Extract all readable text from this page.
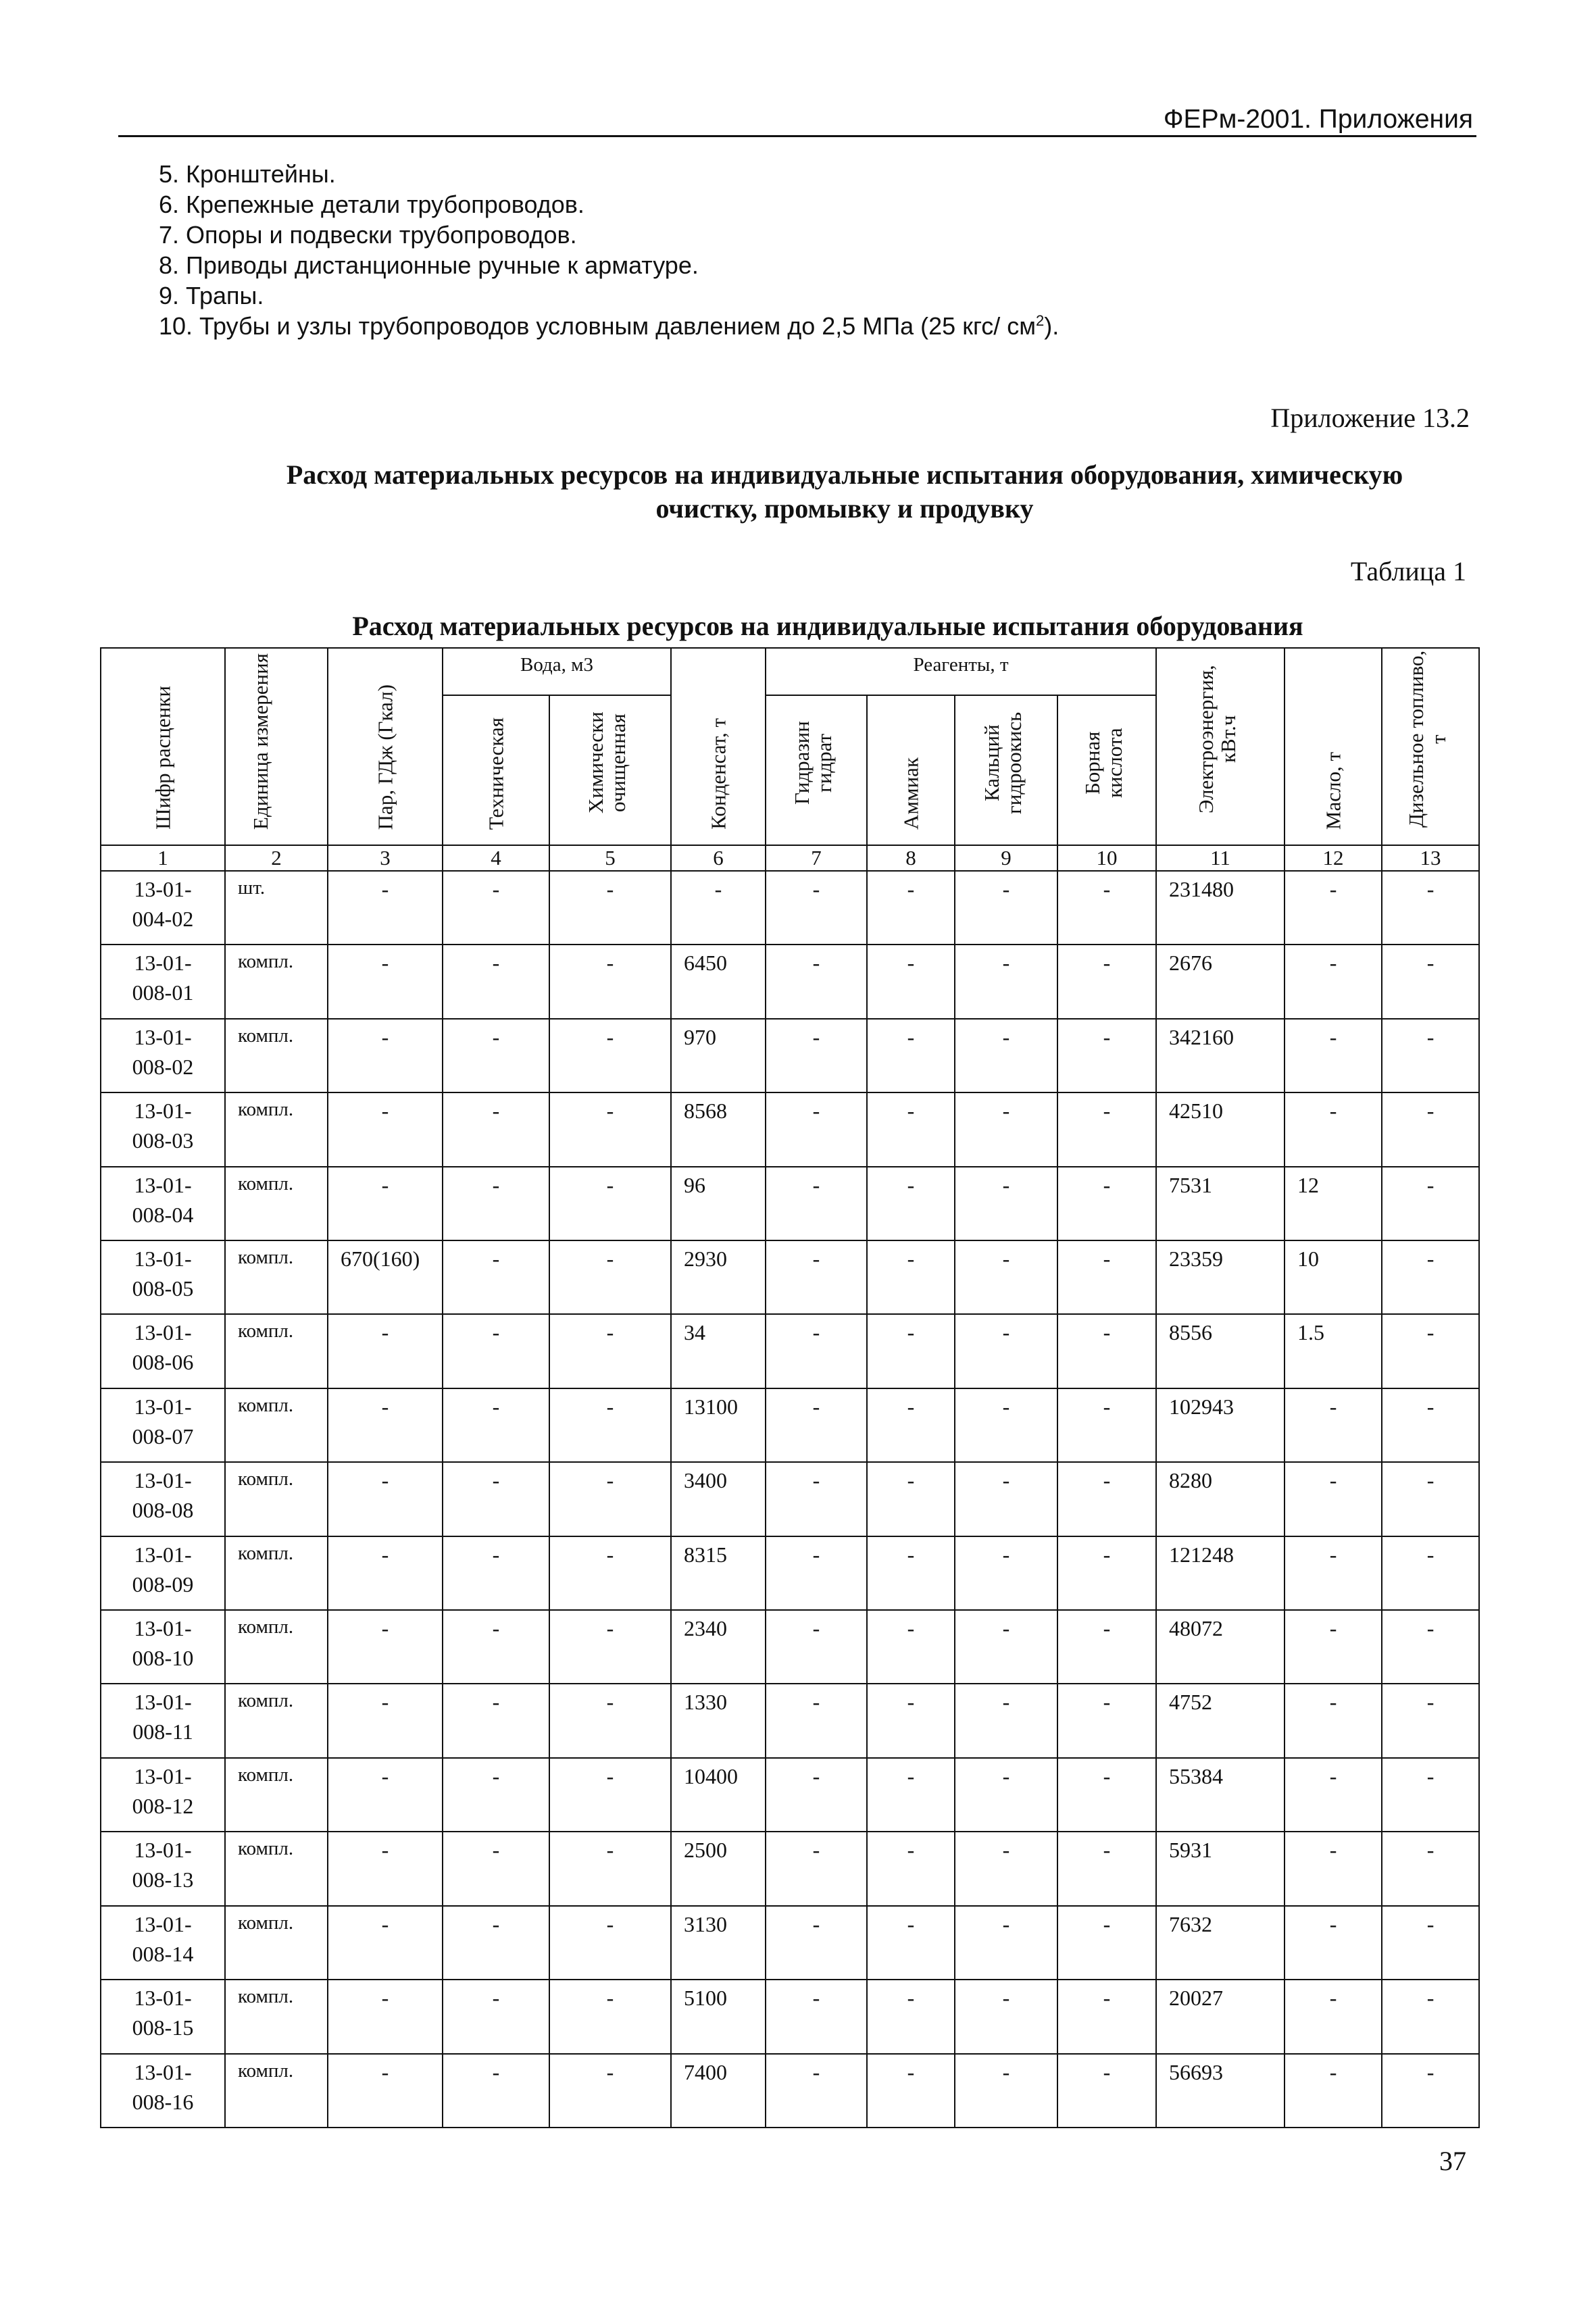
ФЕРм-2001. Приложения
5. Кронштейны.
6. Крепежные детали трубопроводов.
7. Опоры и подвески трубопроводов.
8. Приводы дистанционные ручные к арматуре.
9. Трапы.
10. Трубы и узлы трубопроводов условным давлением до 2,5 МПа (25 кгс/ $см^2$).
Приложение 13.2
Расход материальных ресурсов на индивидуальные испытания оборудования, химическую
очистку, промывку и продувку
Таблица 1
Расход материальных ресурсов на индивидуальные испытания оборудования
Шифр расценки	Единица измерения	Пар, ГДж (Гкал)	Вода, м3		Конденсат, т	Реагенты, т				Электроэнергия, кВт.ч	Масло, т	Дизельное топливо, т

			Техническая	Химически очищенная		Гидразин гидрат	Аммиак	Кальций гидроокись	Борная кислота			

1	2	3	4	5	6	7	8	9	10	11	12	13

13-01-
004-02	шт.	-	-	-	-	-	-	-	-	231480	-	-

13-01-
008-01	компл.	-	-	-	6450	-	-	-	-	2676	-	-

13-01-
008-02	компл.	-	-	-	970	-	-	-	-	342160	-	-

13-01-
008-03	компл.	-	-	-	8568	-	-	-	-	42510	-	-

13-01-
008-04	компл.	-	-	-	96	-	-	-	-	7531	12	-

13-01-
008-05	компл.	670(160)	-	-	2930	-	-	-	-	23359	10	-

13-01-
008-06	компл.	-	-	-	34	-	-	-	-	8556	1.5	-

13-01-
008-07	компл.	-	-	-	13100	-	-	-	-	102943	-	-

13-01-
008-08	компл.	-	-	-	3400	-	-	-	-	8280	-	-

13-01-
008-09	компл.	-	-	-	8315	-	-	-	-	121248	-	-

13-01-
008-10	компл.	-	-	-	2340	-	-	-	-	48072	-	-

13-01-
008-11	компл.	-	-	-	1330	-	-	-	-	4752	-	-

13-01-
008-12	компл.	-	-	-	10400	-	-	-	-	55384	-	-

13-01-
008-13	компл.	-	-	-	2500	-	-	-	-	5931	-	-

13-01-
008-14	компл.	-	-	-	3130	-	-	-	-	7632	-	-

13-01-
008-15	компл.	-	-	-	5100	-	-	-	-	20027	-	-

13-01-
008-16	компл.	-	-	-	7400	-	-	-	-	56693	-	-
37
